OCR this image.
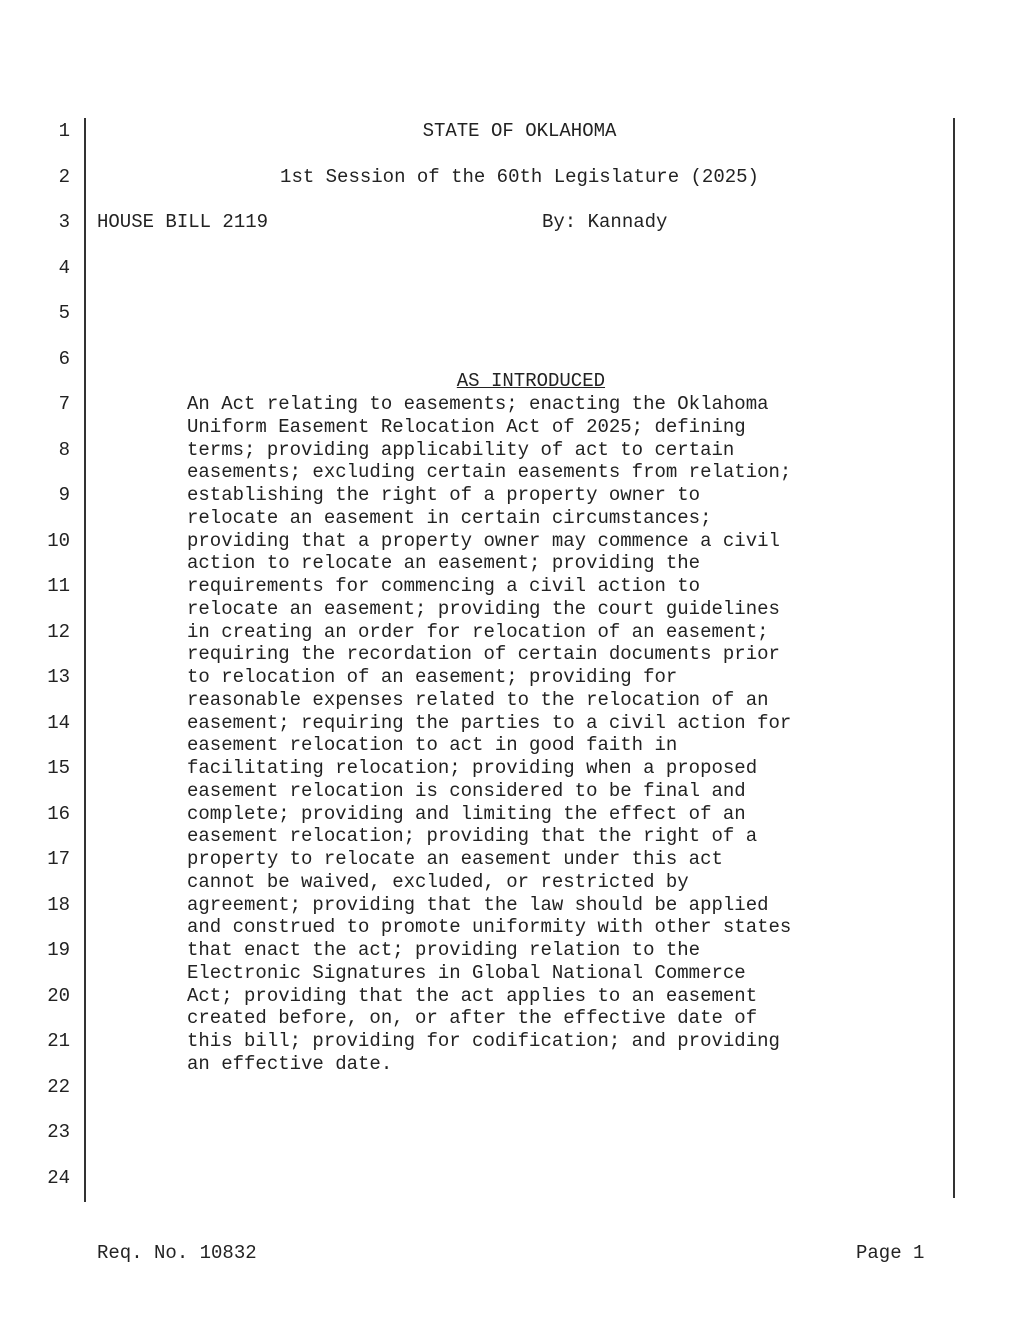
1
2
3
4
5
6
7
8
9
10
11
12
13
14
15
16
17
18
19
20
21
22
23
24
STATE OF OKLAHOMA
1st Session of the 60th Legislature (2025)
HOUSE BILL 2119	By: Kannady

AS INTRODUCED

An Act relating to easements; enacting the Oklahoma
Uniform Easement Relocation Act of 2025; defining
terms; providing applicability of act to certain
easements; excluding certain easements from relation;
establishing the right of a property owner to
relocate an easement in certain circumstances;
providing that a property owner may commence a civil
action to relocate an easement; providing the
requirements for commencing a civil action to
relocate an easement; providing the court guidelines
in creating an order for relocation of an easement;
requiring the recordation of certain documents prior
to relocation of an easement; providing for
reasonable expenses related to the relocation of an
easement; requiring the parties to a civil action for
easement relocation to act in good faith in
facilitating relocation; providing when a proposed
easement relocation is considered to be final and
complete; providing and limiting the effect of an
easement relocation; providing that the right of a
property to relocate an easement under this act
cannot be waived, excluded, or restricted by
agreement; providing that the law should be applied
and construed to promote uniformity with other states
that enact the act; providing relation to the
Electronic Signatures in Global National Commerce
Act; providing that the act applies to an easement
created before, on, or after the effective date of
this bill; providing for codification; and providing
an effective date.
Req. No. 10832	Page 1
